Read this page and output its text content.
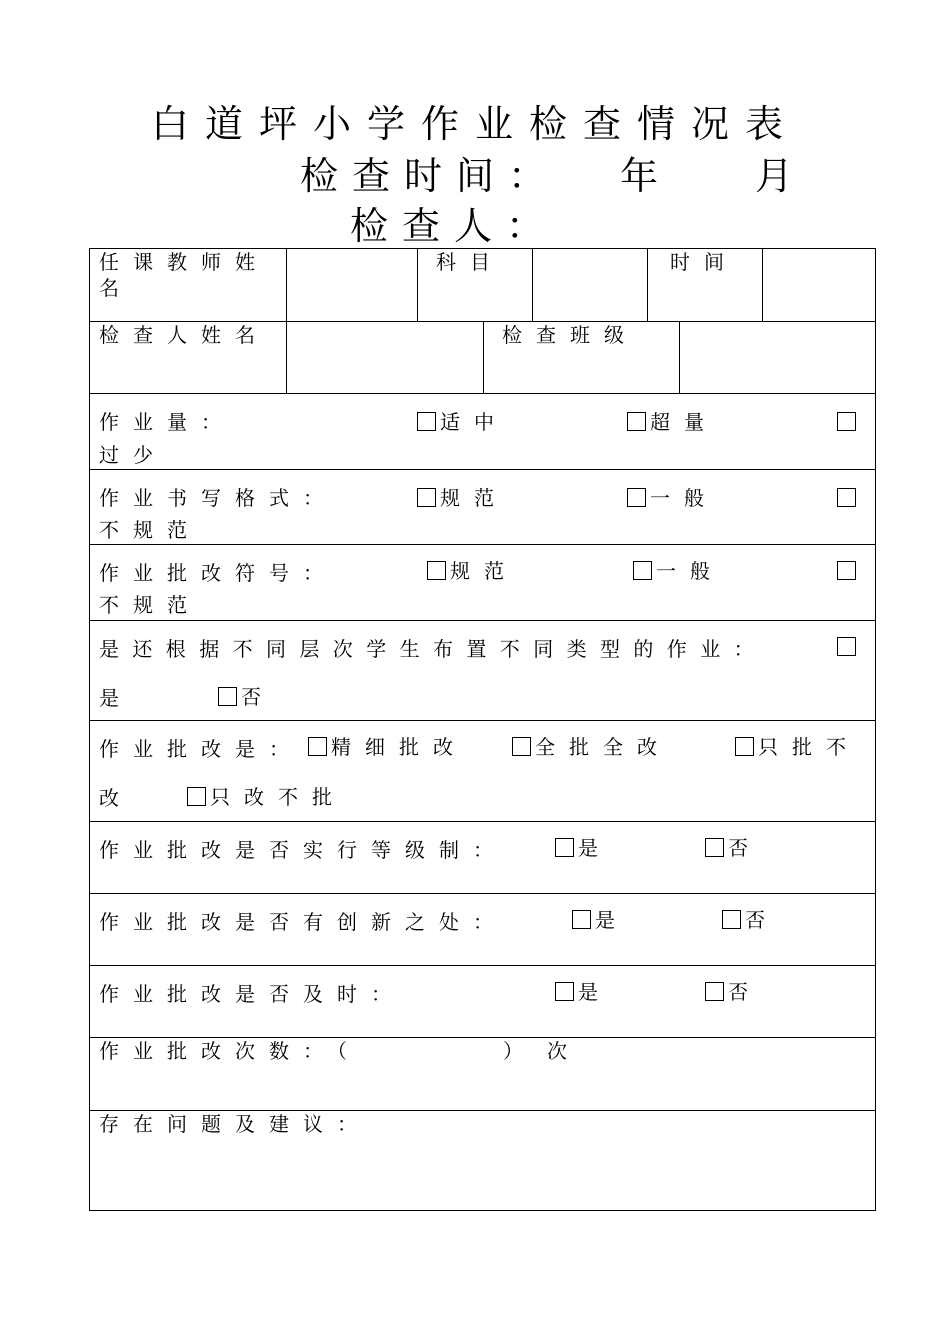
白道坪小学作业检查情况表
检查时间： 年 月
检查人：
任课教师姓
名
科目	时间
检查人姓名	检查班级
作业量：	适中	超量
过少
作业书写格式：	规范	一般
不规范
作业批改符号：	规范	一般
不规范
是还根据不同层次学生布置不同类型的作业：
是	否
作业批改是：	精细批改	全批全改	只批不
改	只改不批
作业批改是否实行等级制：	是	否
作业批改是否有创新之处：	是	否
作业批改是否及时：	是	否
作业批改次数：（	）次
存在问题及建议：
